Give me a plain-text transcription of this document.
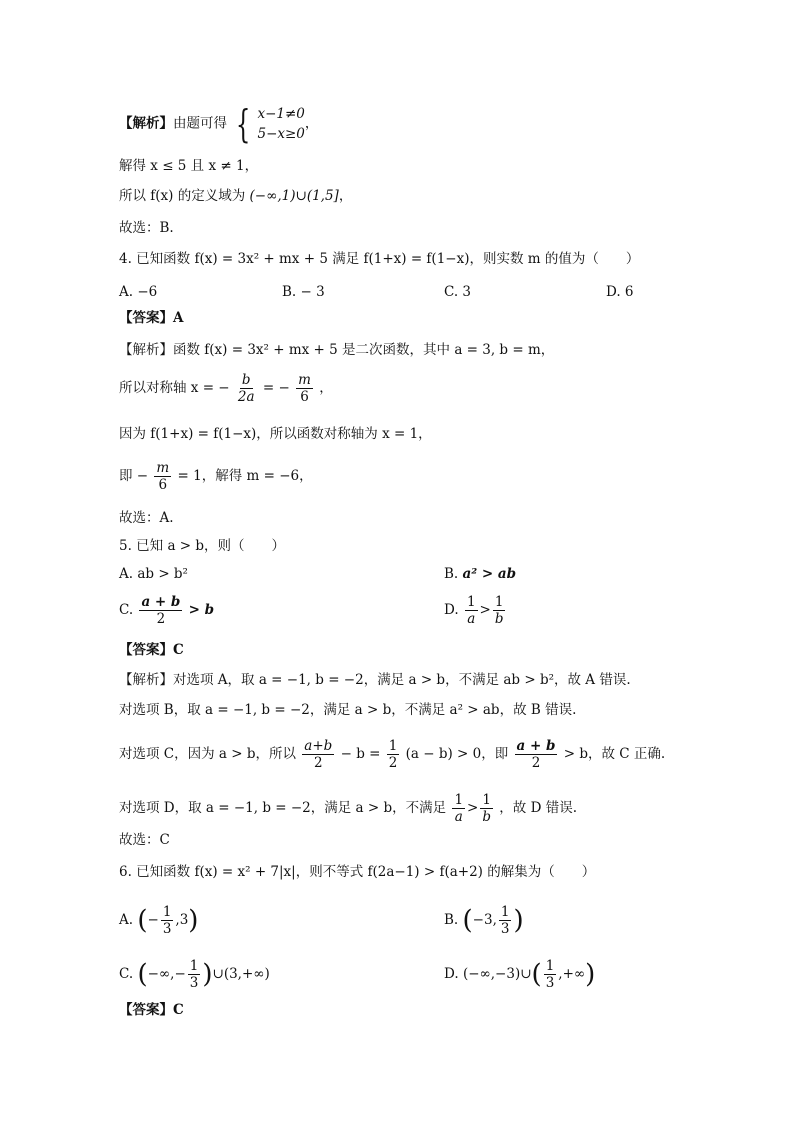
【解析】由题可得 { x−1≠0
5−x≥0
，
解得 x ≤ 5 且 x ≠ 1，
所以 f(x) 的定义域为 (−∞,1)∪(1,5]，
故选：B.
4. 已知函数 f(x) = 3x² + mx + 5 满足 f(1+x) = f(1−x)，则实数 m 的值为（　　）
A. −6	B. − 3	C. 3	D. 6
【答案】A
【解析】函数 f(x) = 3x² + mx + 5 是二次函数，其中 a = 3, b = m，
所以对称轴 x = − $\frac{b}{2a}$ = − $\frac{m}{6}$ ，
因为 f(1+x) = f(1−x)，所以函数对称轴为 x = 1，
即 − $\frac{m}{6} = 1$，解得 m = −6，
故选：A.
5. 已知 a > b，则（　　）
A. ab > b²	B. a² > ab
C. $\frac{a + b}{2} > b$	D. $\frac{1}{a} > \frac{1}{b}$
【答案】C
【解析】对选项 A，取 a = −1, b = −2，满足 a > b，不满足 ab > b²，故 A 错误.
对选项 B，取 a = −1, b = −2，满足 a > b，不满足 a² > ab，故 B 错误.
对选项 C，因为 a > b，所以 $\frac{a+b}{2} - b = \frac{1}{2} (a - b) > 0$，即 $\frac{a + b}{2} > b$，故 C 正确.
对选项 D，取 a = −1, b = −2，满足 a > b，不满足 $\frac{1}{a} > \frac{1}{b}$ ，故 D 错误.
故选：C
6. 已知函数 f(x) = x² + 7|x|，则不等式 f(2a−1) > f(a+2) 的解集为（　　）
A. (− $\frac{1}{3} ,3$)	B. (−3, $\frac{1}{3}$ )
C. (−∞,− $\frac{1}{3}$ )∪(3,+∞)	D. (−∞,−3)∪( $\frac{1}{3}$ ,+∞)
【答案】C
